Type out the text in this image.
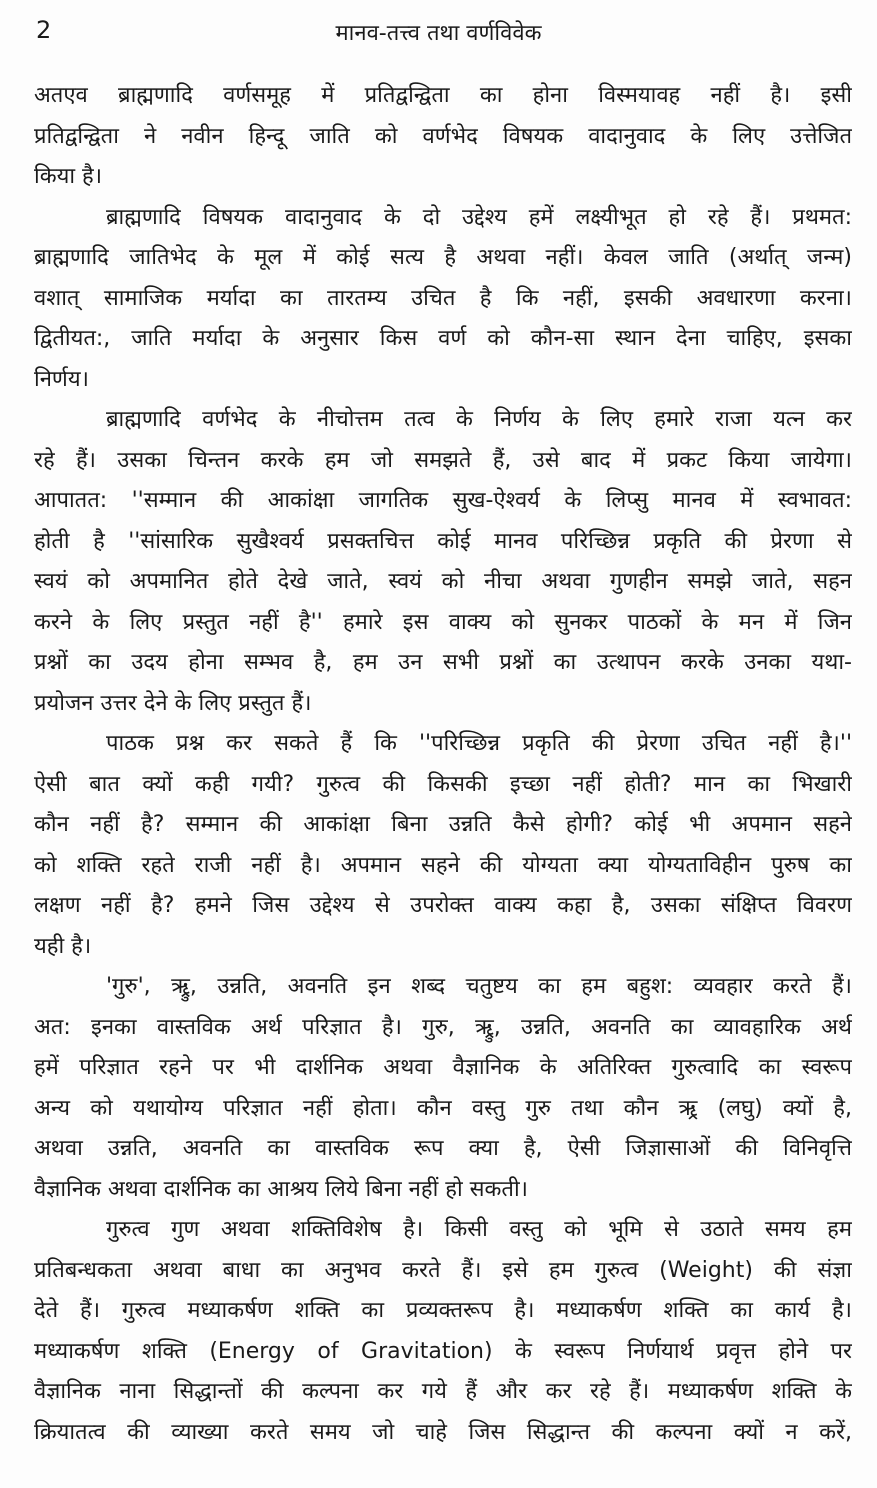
2	मानव-तत्त्व तथा वर्णविवेक
अतएव ब्राह्मणादि वर्णसमूह में प्रतिद्वन्द्विता का होना विस्मयावह नहीं है। इसी
प्रतिद्वन्द्विता ने नवीन हिन्दू जाति को वर्णभेद विषयक वादानुवाद के लिए उत्तेजित
किया है।
ब्राह्मणादि विषयक वादानुवाद के दो उद्देश्य हमें लक्ष्यीभूत हो रहे हैं। प्रथमत:
ब्राह्मणादि जातिभेद के मूल में कोई सत्य है अथवा नहीं। केवल जाति (अर्थात् जन्म)
वशात् सामाजिक मर्यादा का तारतम्य उचित है कि नहीं, इसकी अवधारणा करना।
द्वितीयत:, जाति मर्यादा के अनुसार किस वर्ण को कौन-सा स्थान देना चाहिए, इसका
निर्णय।
ब्राह्मणादि वर्णभेद के नीचोत्तम तत्व के निर्णय के लिए हमारे राजा यत्न कर
रहे हैं। उसका चिन्तन करके हम जो समझते हैं, उसे बाद में प्रकट किया जायेगा।
आपातत: ''सम्मान की आकांक्षा जागतिक सुख-ऐश्वर्य के लिप्सु मानव में स्वभावत:
होती है ''सांसारिक सुखैश्वर्य प्रसक्तचित्त कोई मानव परिच्छिन्न प्रकृति की प्रेरणा से
स्वयं को अपमानित होते देखे जाते, स्वयं को नीचा अथवा गुणहीन समझे जाते, सहन
करने के लिए प्रस्तुत नहीं है'' हमारे इस वाक्य को सुनकर पाठकों के मन में जिन
प्रश्नों का उदय होना सम्भव है, हम उन सभी प्रश्नों का उत्थापन करके उनका यथा-
प्रयोजन उत्तर देने के लिए प्रस्तुत हैं।
पाठक प्रश्न कर सकते हैं कि ''परिच्छिन्न प्रकृति की प्रेरणा उचित नहीं है।''
ऐसी बात क्यों कही गयी? गुरुत्व की किसकी इच्छा नहीं होती? मान का भिखारी
कौन नहीं है? सम्मान की आकांक्षा बिना उन्नति कैसे होगी? कोई भी अपमान सहने
को शक्ति रहते राजी नहीं है। अपमान सहने की योग्यता क्या योग्यताविहीन पुरुष का
लक्षण नहीं है? हमने जिस उद्देश्य से उपरोक्त वाक्य कहा है, उसका संक्षिप्त विवरण
यही है।
'गुरु', ऋ्रु, उन्नति, अवनति इन शब्द चतुष्टय का हम बहुश: व्यवहार करते हैं।
अत: इनका वास्तविक अर्थ परिज्ञात है। गुरु, ऋ्रु, उन्नति, अवनति का व्यावहारिक अर्थ
हमें परिज्ञात रहने पर भी दार्शनिक अथवा वैज्ञानिक के अतिरिक्त गुरुत्वादि का स्वरूप
अन्य को यथायोग्य परिज्ञात नहीं होता। कौन वस्तु गुरु तथा कौन ऋ्र (लघु) क्यों है,
अथवा उन्नति, अवनति का वास्तविक रूप क्या है, ऐसी जिज्ञासाओं की विनिवृत्ति
वैज्ञानिक अथवा दार्शनिक का आश्रय लिये बिना नहीं हो सकती।
गुरुत्व गुण अथवा शक्तिविशेष है। किसी वस्तु को भूमि से उठाते समय हम
प्रतिबन्धकता अथवा बाधा का अनुभव करते हैं। इसे हम गुरुत्व (Weight) की संज्ञा
देते हैं। गुरुत्व मध्याकर्षण शक्ति का प्रव्यक्तरूप है। मध्याकर्षण शक्ति का कार्य है।
मध्याकर्षण शक्ति (Energy of Gravitation) के स्वरूप निर्णयार्थ प्रवृत्त होने पर
वैज्ञानिक नाना सिद्धान्तों की कल्पना कर गये हैं और कर रहे हैं। मध्याकर्षण शक्ति के
क्रियातत्व की व्याख्या करते समय जो चाहे जिस सिद्धान्त की कल्पना क्यों न करें,
